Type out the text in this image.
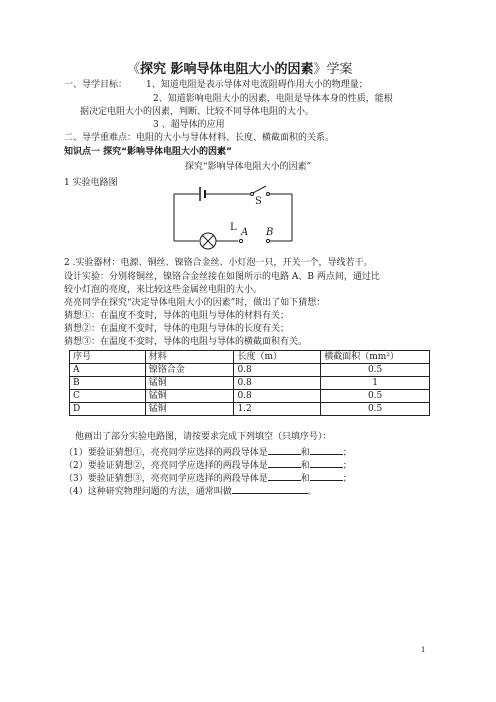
《探究 影响导体电阻大小的因素》学案
一、导学目标： 1、知道电阻是表示导体对电流阻碍作用大小的物理量；
2、知道影响电阻大小的因素，电阻是导体本身的性质，能根
据决定电阻大小的因素，判断、比较不同导体电阻的大小。
3 、超导体的应用
二、导学重难点：电阻的大小与导体材料、长度、横截面积的关系。
知识点一 探究“影响导体电阻大小的因素”
探究“影响导体电阻大小的因素”
1 实验电路图
S
L A B
2 .实验器材：电源、铜丝、镍铬合金丝、小灯泡一只，开关一个，导线若干。
设计实验：分别将铜丝，镍铬合金丝接在如图所示的电路 A、B 两点间，通过比
较小灯泡的亮度，来比较这些金属丝电阻的大小。
亮亮同学在探究“决定导体电阻大小的因素”时，做出了如下猜想：
猜想①：在温度不变时，导体的电阻与导体的材料有关；
猜想②：在温度不变时，导体的电阻与导体的长度有关；
猜想③：在温度不变时，导体的电阻与导体的横截面积有关。
序号	材料	长度（m）	横截面积（mm²）
A	镍铬合金	0.8	0.5
B	锰铜	0.8	1
C	锰铜	0.8	0.5
D	锰铜	1.2	0.5
他画出了部分实验电路图，请按要求完成下列填空（只填序号）：
（1）要验证猜想①，亮亮同学应选择的两段导体是	和	；
（2）要验证猜想②，亮亮同学应选择的两段导体是	和	；
（3）要验证猜想③，亮亮同学应选择的两段导体是	和	；
（4）这种研究物理问题的方法，通常叫做	。
1
